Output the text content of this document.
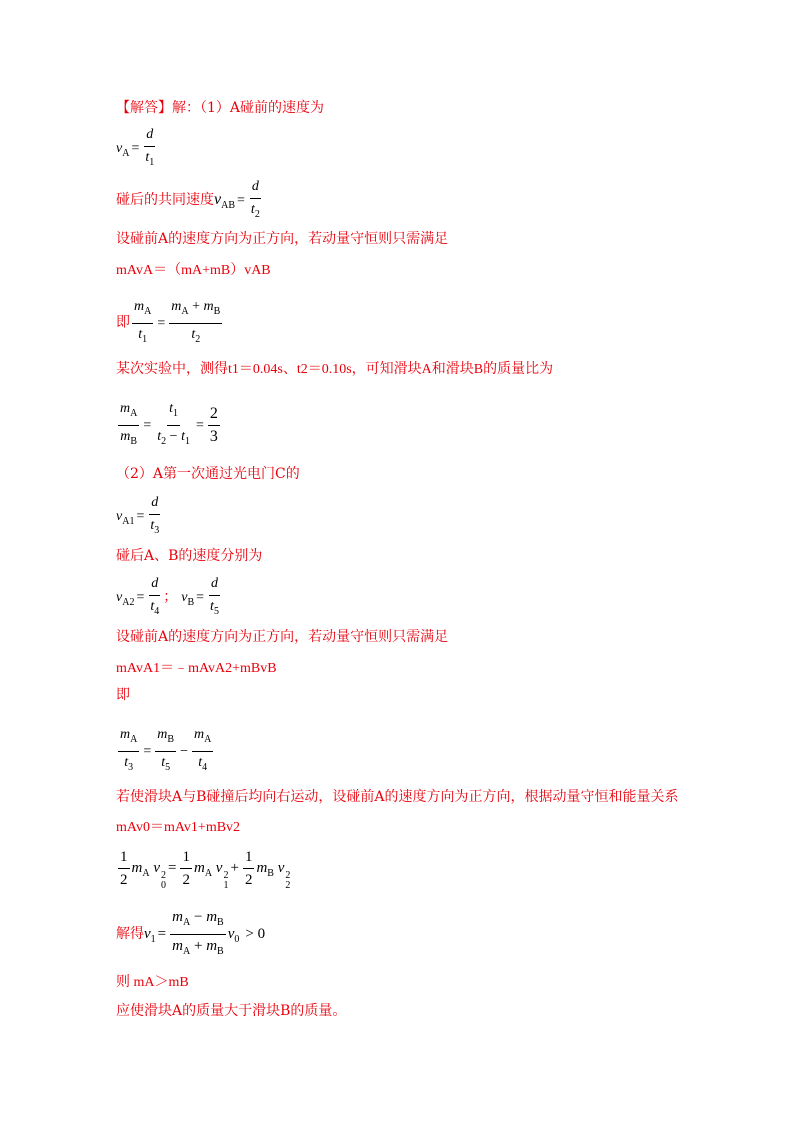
【解答】解：（1）A碰前的速度为
$v_A = \frac{d}{t_1}$
碰后的共同速度$v_{AB} = \frac{d}{t_2}$
设碰前A的速度方向为正方向，若动量守恒则只需满足
mAvA＝（mA+mB）vAB
即 $\frac{m_A}{t_1} = \frac{m_A + m_B}{t_2}$
某次实验中，测得t1＝0.04s、t2＝0.10s，可知滑块A和滑块B的质量比为
$\frac{m_A}{m_B} = \frac{t_1}{t_2 - t_1} = \frac{2}{3}$
（2）A第一次通过光电门C的
$v_{A1} = \frac{d}{t_3}$
碰后A、B的速度分别为
$v_{A2} = \frac{d}{t_4}$ ； $v_B = \frac{d}{t_5}$
设碰前A的速度方向为正方向，若动量守恒则只需满足
mAvA1＝﹣mAvA2+mBvB
即
$\frac{m_A}{t_3} = \frac{m_B}{t_5} - \frac{m_A}{t_4}$
若使滑块A与B碰撞后均向右运动，设碰前A的速度方向为正方向，根据动量守恒和能量关系
mAv0＝mAv1+mBv2
$\frac{1}{2} m_A$ v 2
0
= $\frac{1}{2} m_A$ v 2
1
+ $\frac{1}{2} m_B$ v 2
2
解得$v_1 = \frac{m_A - m_B}{m_A + m_B} v_0 > 0$
则 mA＞mB
应使滑块A的质量大于滑块B的质量。
